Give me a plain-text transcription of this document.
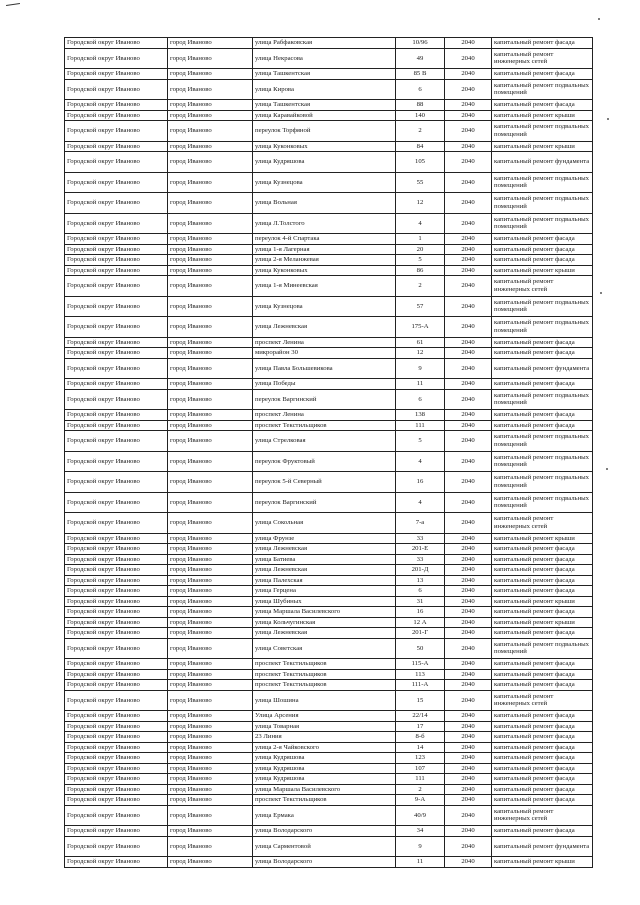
Городской округ Иваново	город Иваново	улица Рабфаковская	10/96	2040	капитальный ремонт фасада
Городской округ Иваново	город Иваново	улица Некрасова	49	2040	капитальный ремонт инженерных сетей
Городской округ Иваново	город Иваново	улица Ташкентская	85 В	2040	капитальный ремонт фасада
Городской округ Иваново	город Иваново	улица Кирова	6	2040	капитальный ремонт подвальных помещений
Городской округ Иваново	город Иваново	улица Ташкентская	88	2040	капитальный ремонт фасада
Городской округ Иваново	город Иваново	улица Каравайковой	140	2040	капитальный ремонт крыши
Городской округ Иваново	город Иваново	переулок Торфяной	2	2040	капитальный ремонт подвальных помещений
Городской округ Иваново	город Иваново	улица Куконковых	84	2040	капитальный ремонт крыши
Городской округ Иваново	город Иваново	улица Кудряшова	105	2040	капитальный ремонт фундамента
Городской округ Иваново	город Иваново	улица Кузнецова	55	2040	капитальный ремонт подвальных помещений
Городской округ Иваново	город Иваново	улица Вольная	12	2040	капитальный ремонт подвальных помещений
Городской округ Иваново	город Иваново	улица Л.Толстого	4	2040	капитальный ремонт подвальных помещений
Городской округ Иваново	город Иваново	переулок 4-й Спартака	1	2040	капитальный ремонт фасада
Городской округ Иваново	город Иваново	улица 1-я Лагерная	20	2040	капитальный ремонт фасада
Городской округ Иваново	город Иваново	улица 2-я Меланжевая	5	2040	капитальный ремонт фасада
Городской округ Иваново	город Иваново	улица Куконковых	86	2040	капитальный ремонт крыши
Городской округ Иваново	город Иваново	улица 1-я Минеевская	2	2040	капитальный ремонт инженерных сетей
Городской округ Иваново	город Иваново	улица Кузнецова	57	2040	капитальный ремонт подвальных помещений
Городской округ Иваново	город Иваново	улица Лежневская	175-А	2040	капитальный ремонт подвальных помещений
Городской округ Иваново	город Иваново	проспект Ленина	61	2040	капитальный ремонт фасада
Городской округ Иваново	город Иваново	микрорайон 30	12	2040	капитальный ремонт фасада
Городской округ Иваново	город Иваново	улица Павла Большевикова	9	2040	капитальный ремонт фундамента
Городской округ Иваново	город Иваново	улица Победы	11	2040	капитальный ремонт фасада
Городской округ Иваново	город Иваново	переулок Варгинский	6	2040	капитальный ремонт подвальных помещений
Городской округ Иваново	город Иваново	проспект Ленина	138	2040	капитальный ремонт фасада
Городской округ Иваново	город Иваново	проспект Текстильщиков	111	2040	капитальный ремонт фасада
Городской округ Иваново	город Иваново	улица Стрелковая	5	2040	капитальный ремонт подвальных помещений
Городской округ Иваново	город Иваново	переулок Фруктовый	4	2040	капитальный ремонт подвальных помещений
Городской округ Иваново	город Иваново	переулок 5-й Северный	16	2040	капитальный ремонт подвальных помещений
Городской округ Иваново	город Иваново	переулок Варгинский	4	2040	капитальный ремонт подвальных помещений
Городской округ Иваново	город Иваново	улица Сокольная	7-а	2040	капитальный ремонт инженерных сетей
Городской округ Иваново	город Иваново	улица Фрунзе	33	2040	капитальный ремонт крыши
Городской округ Иваново	город Иваново	улица Лежневская	201-Е	2040	капитальный ремонт фасада
Городской округ Иваново	город Иваново	улица Батиева	33	2040	капитальный ремонт фасада
Городской округ Иваново	город Иваново	улица Лежневская	201-Д	2040	капитальный ремонт фасада
Городской округ Иваново	город Иваново	улица Палехская	13	2040	капитальный ремонт фасада
Городской округ Иваново	город Иваново	улица Герцена	6	2040	капитальный ремонт фасада
Городской округ Иваново	город Иваново	улица Шубиных	31	2040	капитальный ремонт крыши
Городской округ Иваново	город Иваново	улица Маршала Василевского	16	2040	капитальный ремонт фасада
Городской округ Иваново	город Иваново	улица Кольчугинская	12 А	2040	капитальный ремонт крыши
Городской округ Иваново	город Иваново	улица Лежневская	201-Г	2040	капитальный ремонт фасада
Городской округ Иваново	город Иваново	улица Советская	50	2040	капитальный ремонт подвальных помещений
Городской округ Иваново	город Иваново	проспект Текстильщиков	115-А	2040	капитальный ремонт фасада
Городской округ Иваново	город Иваново	проспект Текстильщиков	113	2040	капитальный ремонт фасада
Городской округ Иваново	город Иваново	проспект Текстильщиков	111-А	2040	капитальный ремонт фасада
Городской округ Иваново	город Иваново	улица Шошина	15	2040	капитальный ремонт инженерных сетей
Городской округ Иваново	город Иваново	Улица Арсения	22/14	2040	капитальный ремонт фасада
Городской округ Иваново	город Иваново	улица Товарная	17	2040	капитальный ремонт фасада
Городской округ Иваново	город Иваново	23 Линия	8-б	2040	капитальный ремонт фасада
Городской округ Иваново	город Иваново	улица 2-я Чайковского	14	2040	капитальный ремонт фасада
Городской округ Иваново	город Иваново	улица Кудряшова	123	2040	капитальный ремонт фасада
Городской округ Иваново	город Иваново	улица Кудряшова	107	2040	капитальный ремонт фасада
Городской округ Иваново	город Иваново	улица Кудряшова	111	2040	капитальный ремонт фасада
Городской округ Иваново	город Иваново	улица Маршала Василевского	2	2040	капитальный ремонт фасада
Городской округ Иваново	город Иваново	проспект Текстильщиков	9-А	2040	капитальный ремонт фасада
Городской округ Иваново	город Иваново	улица Ермака	40/9	2040	капитальный ремонт инженерных сетей
Городской округ Иваново	город Иваново	улица Володарского	34	2040	капитальный ремонт фасада
Городской округ Иваново	город Иваново	улица Сарментовой	9	2040	капитальный ремонт фундамента
Городской округ Иваново	город Иваново	улица Володарского	11	2040	капитальный ремонт крыши
